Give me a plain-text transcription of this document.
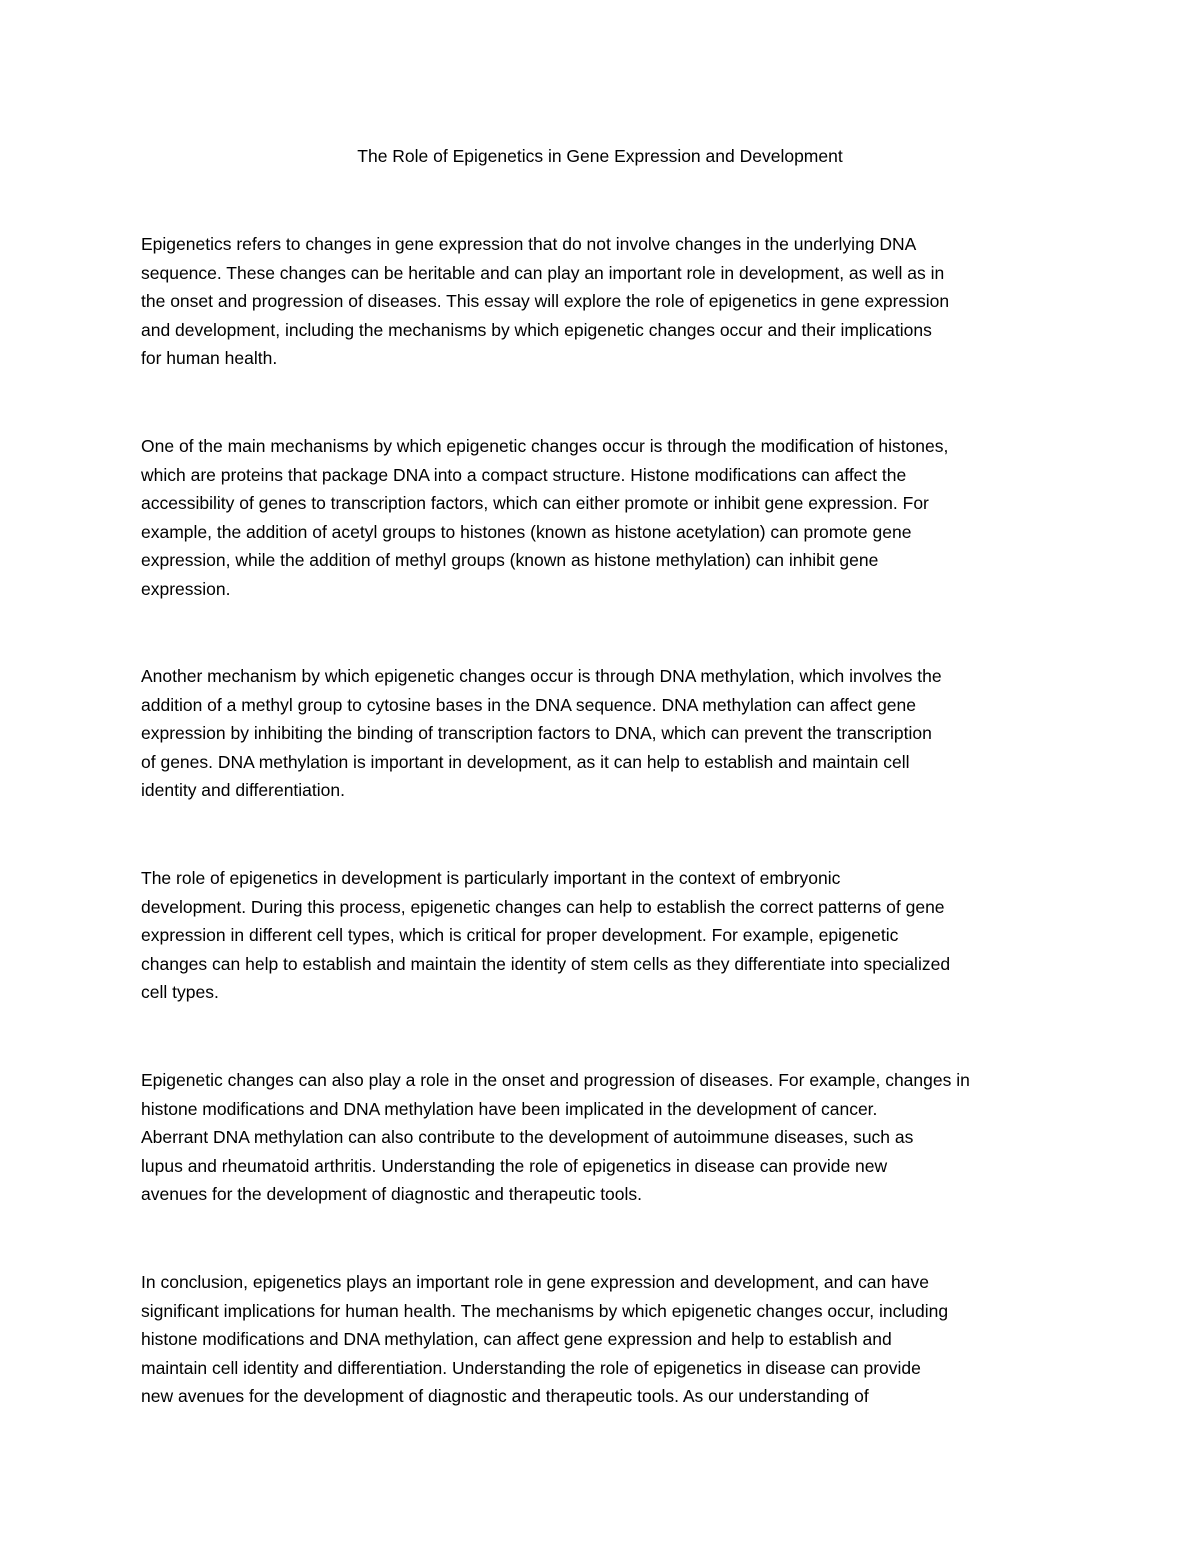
The Role of Epigenetics in Gene Expression and Development
Epigenetics refers to changes in gene expression that do not involve changes in the underlying DNA
sequence. These changes can be heritable and can play an important role in development, as well as in
the onset and progression of diseases. This essay will explore the role of epigenetics in gene expression
and development, including the mechanisms by which epigenetic changes occur and their implications
for human health.
One of the main mechanisms by which epigenetic changes occur is through the modification of histones,
which are proteins that package DNA into a compact structure. Histone modifications can affect the
accessibility of genes to transcription factors, which can either promote or inhibit gene expression. For
example, the addition of acetyl groups to histones (known as histone acetylation) can promote gene
expression, while the addition of methyl groups (known as histone methylation) can inhibit gene
expression.
Another mechanism by which epigenetic changes occur is through DNA methylation, which involves the
addition of a methyl group to cytosine bases in the DNA sequence. DNA methylation can affect gene
expression by inhibiting the binding of transcription factors to DNA, which can prevent the transcription
of genes. DNA methylation is important in development, as it can help to establish and maintain cell
identity and differentiation.
The role of epigenetics in development is particularly important in the context of embryonic
development. During this process, epigenetic changes can help to establish the correct patterns of gene
expression in different cell types, which is critical for proper development. For example, epigenetic
changes can help to establish and maintain the identity of stem cells as they differentiate into specialized
cell types.
Epigenetic changes can also play a role in the onset and progression of diseases. For example, changes in
histone modifications and DNA methylation have been implicated in the development of cancer.
Aberrant DNA methylation can also contribute to the development of autoimmune diseases, such as
lupus and rheumatoid arthritis. Understanding the role of epigenetics in disease can provide new
avenues for the development of diagnostic and therapeutic tools.
In conclusion, epigenetics plays an important role in gene expression and development, and can have
significant implications for human health. The mechanisms by which epigenetic changes occur, including
histone modifications and DNA methylation, can affect gene expression and help to establish and
maintain cell identity and differentiation. Understanding the role of epigenetics in disease can provide
new avenues for the development of diagnostic and therapeutic tools. As our understanding of
